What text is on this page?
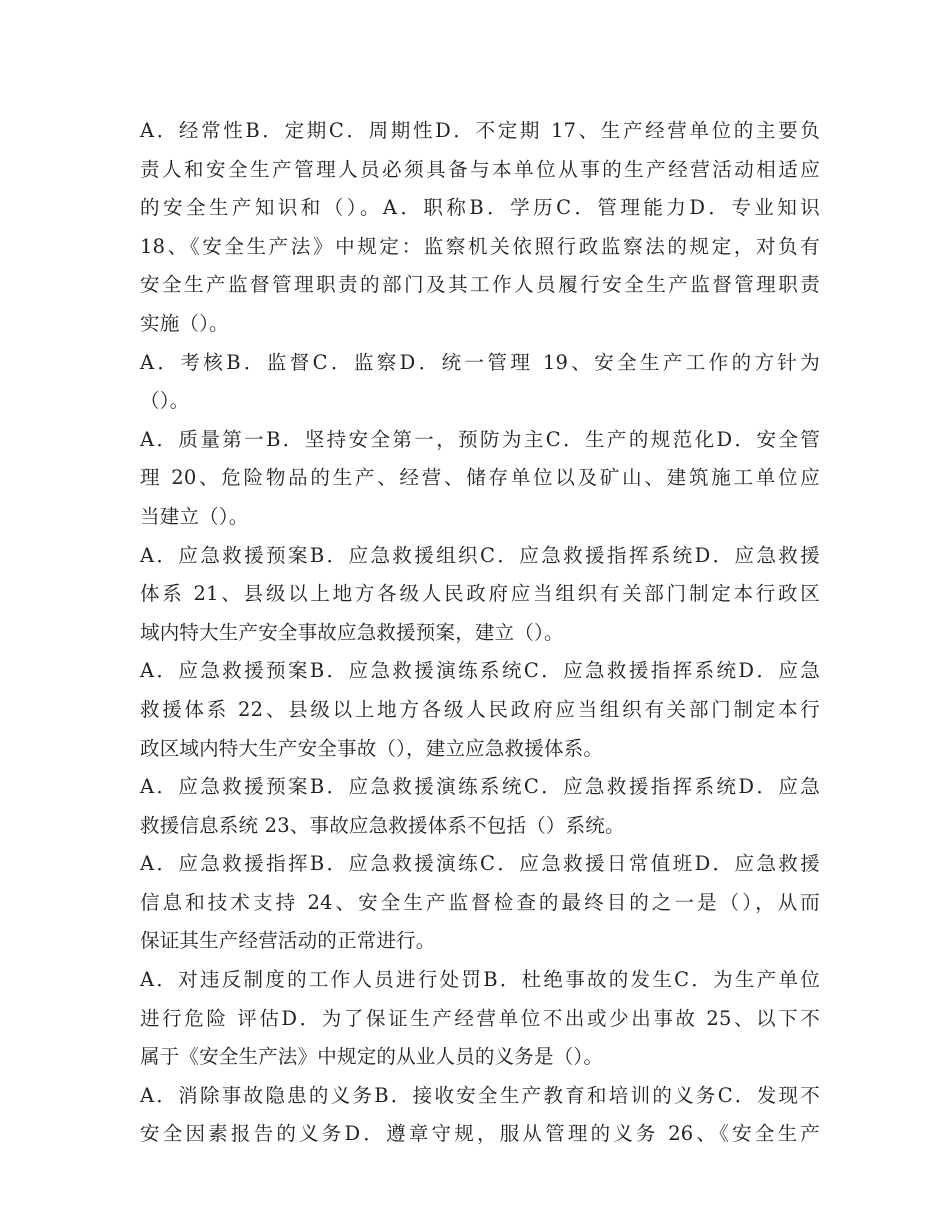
A．经常性B．定期C．周期性D．不定期 17、生产经营单位的主要负
责人和安全生产管理人员必须具备与本单位从事的生产经营活动相适应
的安全生产知识和（）。A．职称B．学历C．管理能力D．专业知识
18、《安全生产法》中规定：监察机关依照行政监察法的规定，对负有
安全生产监督管理职责的部门及其工作人员履行安全生产监督管理职责
实施（）。
A．考核B．监督C．监察D．统一管理 19、安全生产工作的方针为
（）。
A．质量第一B．坚持安全第一，预防为主C．生产的规范化D．安全管
理 20、危险物品的生产、经营、储存单位以及矿山、建筑施工单位应
当建立（）。
A．应急救援预案B．应急救援组织C．应急救援指挥系统D．应急救援
体系 21、县级以上地方各级人民政府应当组织有关部门制定本行政区
域内特大生产安全事故应急救援预案，建立（）。
A．应急救援预案B．应急救援演练系统C．应急救援指挥系统D．应急
救援体系 22、县级以上地方各级人民政府应当组织有关部门制定本行
政区域内特大生产安全事故（），建立应急救援体系。
A．应急救援预案B．应急救援演练系统C．应急救援指挥系统D．应急
救援信息系统 23、事故应急救援体系不包括（）系统。
A．应急救援指挥B．应急救援演练C．应急救援日常值班D．应急救援
信息和技术支持 24、安全生产监督检查的最终目的之一是（），从而
保证其生产经营活动的正常进行。
A．对违反制度的工作人员进行处罚B．杜绝事故的发生C．为生产单位
进行危险 评估D．为了保证生产经营单位不出或少出事故 25、以下不
属于《安全生产法》中规定的从业人员的义务是（）。
A．消除事故隐患的义务B．接收安全生产教育和培训的义务C．发现不
安全因素报告的义务D．遵章守规，服从管理的义务 26、《安全生产
